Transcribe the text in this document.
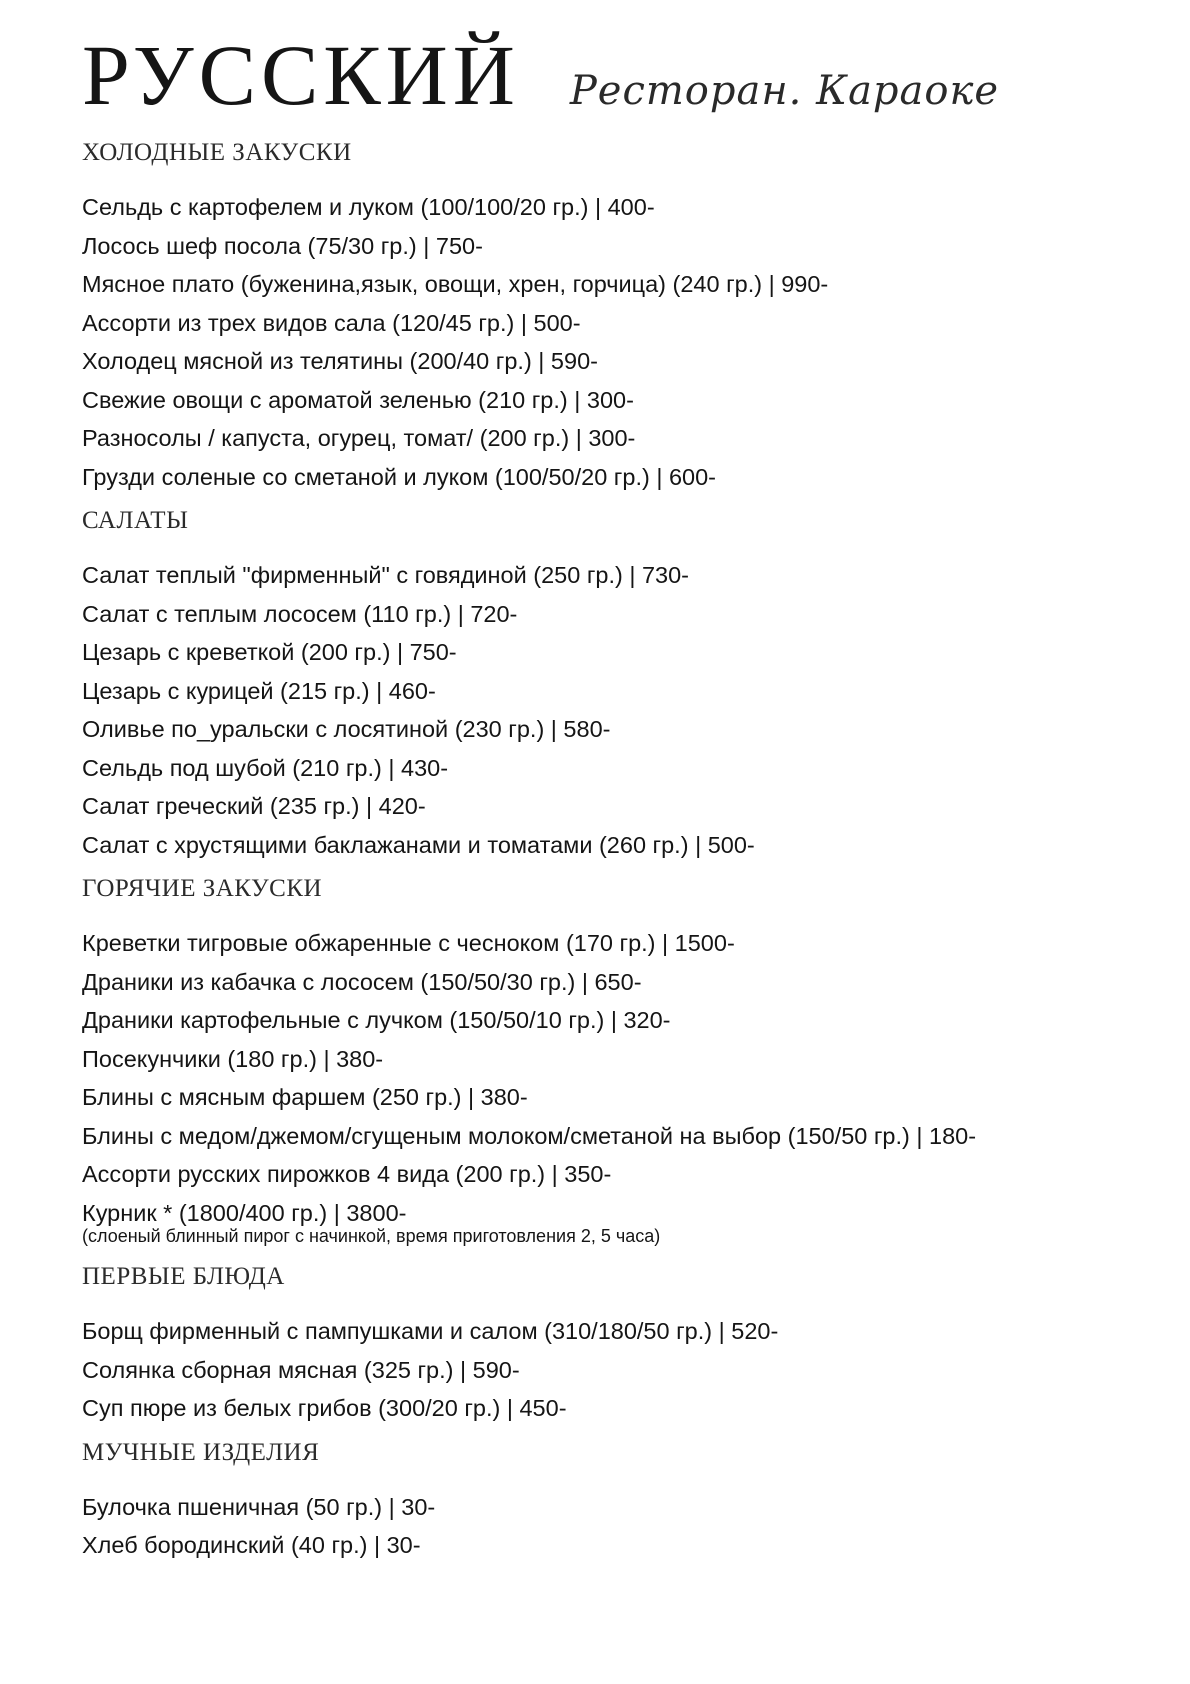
РУССКИЙ Ресторан. Караоке
ХОЛОДНЫЕ ЗАКУСКИ
Сельдь с картофелем и луком (100/100/20 гр.) | 400-
Лосось шеф посола (75/30 гр.) | 750-
Мясное плато (буженина,язык, овощи, хрен, горчица) (240 гр.) | 990-
Ассорти из трех видов сала (120/45 гр.) | 500-
Холодец мясной из телятины (200/40 гр.) | 590-
Свежие овощи с ароматой зеленью (210 гр.) | 300-
Разносолы / капуста, огурец, томат/ (200 гр.) | 300-
Грузди соленые со сметаной и луком (100/50/20 гр.) | 600-
САЛАТЫ
Салат теплый "фирменный" с говядиной (250 гр.) | 730-
Салат с теплым лососем (110 гр.) | 720-
Цезарь с креветкой (200 гр.) | 750-
Цезарь с курицей (215 гр.) | 460-
Оливье по_уральски с лосятиной (230 гр.) | 580-
Сельдь под шубой (210 гр.) | 430-
Салат греческий (235 гр.) | 420-
Салат с хрустящими баклажанами и томатами (260 гр.) | 500-
ГОРЯЧИЕ ЗАКУСКИ
Креветки тигровые обжаренные с чесноком (170 гр.) | 1500-
Драники из кабачка с лососем (150/50/30 гр.) | 650-
Драники картофельные с лучком (150/50/10 гр.) | 320-
Посекунчики (180 гр.) | 380-
Блины с мясным фаршем (250 гр.) | 380-
Блины с медом/джемом/сгущеным молоком/сметаной на выбор (150/50 гр.) | 180-
Ассорти русских пирожков 4 вида (200 гр.) | 350-
Курник * (1800/400 гр.) | 3800-
(слоеный блинный пирог с начинкой, время приготовления 2, 5 часа)
ПЕРВЫЕ БЛЮДА
Борщ фирменный с пампушками и салом (310/180/50 гр.) | 520-
Солянка сборная мясная (325 гр.) | 590-
Суп пюре из белых грибов (300/20 гр.) | 450-
МУЧНЫЕ ИЗДЕЛИЯ
Булочка пшеничная (50 гр.) | 30-
Хлеб бородинский (40 гр.) | 30-
